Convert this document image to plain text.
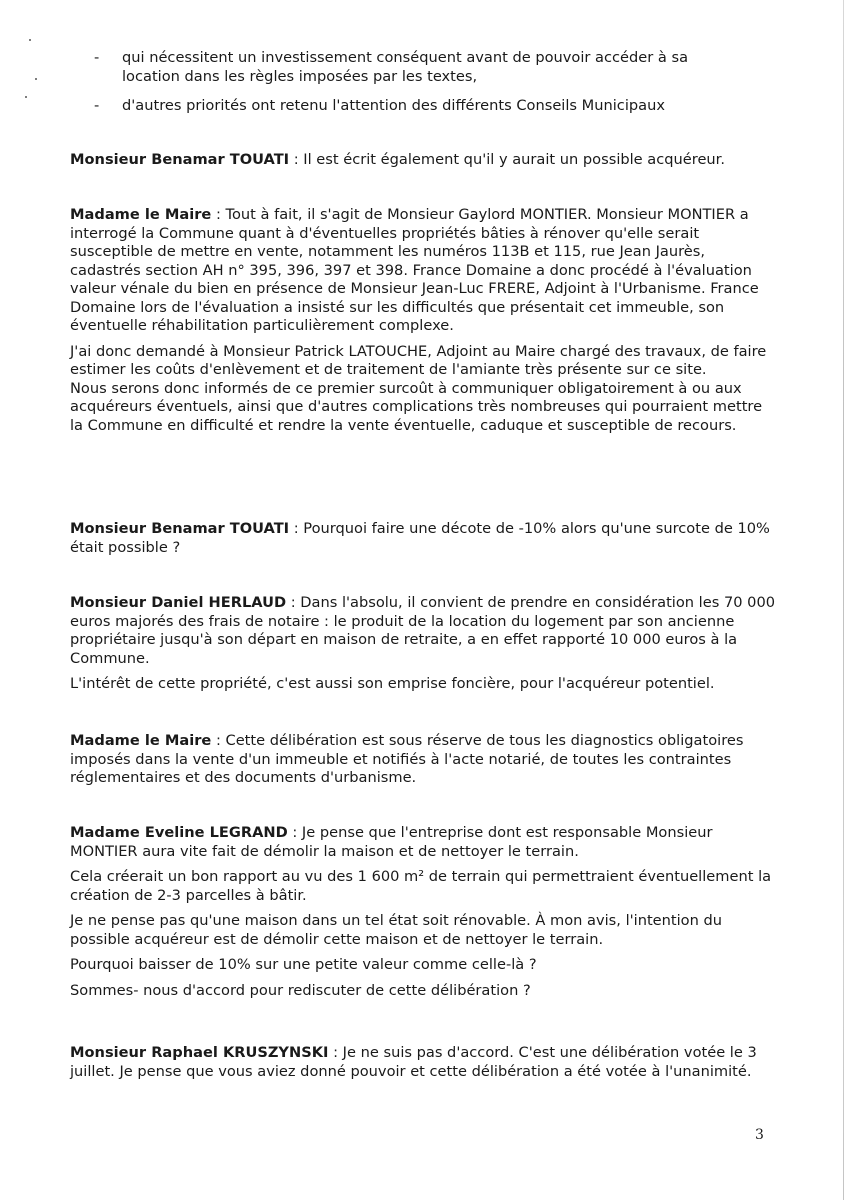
- qui nécessitent un investissement conséquent avant de pouvoir accéder à sa location dans les règles imposées par les textes,
- d'autres priorités ont retenu l'attention des différents Conseils Municipaux

Monsieur Benamar TOUATI : Il est écrit également qu'il y aurait un possible acquéreur.

Madame le Maire : Tout à fait, il s'agit de Monsieur Gaylord MONTIER. Monsieur MONTIER a interrogé la Commune quant à d'éventuelles propriétés bâties à rénover qu'elle serait susceptible de mettre en vente, notamment les numéros 113B et 115, rue Jean Jaurès, cadastrés section AH n° 395, 396, 397 et 398. France Domaine a donc procédé à l'évaluation valeur vénale du bien en présence de Monsieur Jean-Luc FRERE, Adjoint à l'Urbanisme. France Domaine lors de l'évaluation a insisté sur les difficultés que présentait cet immeuble, son éventuelle réhabilitation particulièrement complexe.

J'ai donc demandé à Monsieur Patrick LATOUCHE, Adjoint au Maire chargé des travaux, de faire estimer les coûts d'enlèvement et de traitement de l'amiante très présente sur ce site.
Nous serons donc informés de ce premier surcoût à communiquer obligatoirement à ou aux acquéreurs éventuels, ainsi que d'autres complications très nombreuses qui pourraient mettre la Commune en difficulté et rendre la vente éventuelle, caduque et susceptible de recours.

Monsieur Benamar TOUATI : Pourquoi faire une décote de -10% alors qu'une surcote de 10% était possible ?

Monsieur Daniel HERLAUD : Dans l'absolu, il convient de prendre en considération les 70 000 euros majorés des frais de notaire : le produit de la location du logement par son ancienne propriétaire jusqu'à son départ en maison de retraite, a en effet rapporté 10 000 euros à la Commune.

L'intérêt de cette propriété, c'est aussi son emprise foncière, pour l'acquéreur potentiel.

Madame le Maire : Cette délibération est sous réserve de tous les diagnostics obligatoires imposés dans la vente d'un immeuble et notifiés à l'acte notarié, de toutes les contraintes réglementaires et des documents d'urbanisme.

Madame Eveline LEGRAND : Je pense que l'entreprise dont est responsable Monsieur MONTIER aura vite fait de démolir la maison et de nettoyer le terrain.

Cela créerait un bon rapport au vu des 1 600 m² de terrain qui permettraient éventuellement la création de 2-3 parcelles à bâtir.

Je ne pense pas qu'une maison dans un tel état soit rénovable. À mon avis, l'intention du possible acquéreur est de démolir cette maison et de nettoyer le terrain.

Pourquoi baisser de 10% sur une petite valeur comme celle-là ?

Sommes- nous d'accord pour rediscuter de cette délibération ?

Monsieur Raphael KRUSZYNSKI : Je ne suis pas d'accord. C'est une délibération votée le 3 juillet. Je pense que vous aviez donné pouvoir et cette délibération a été votée à l'unanimité.

3
